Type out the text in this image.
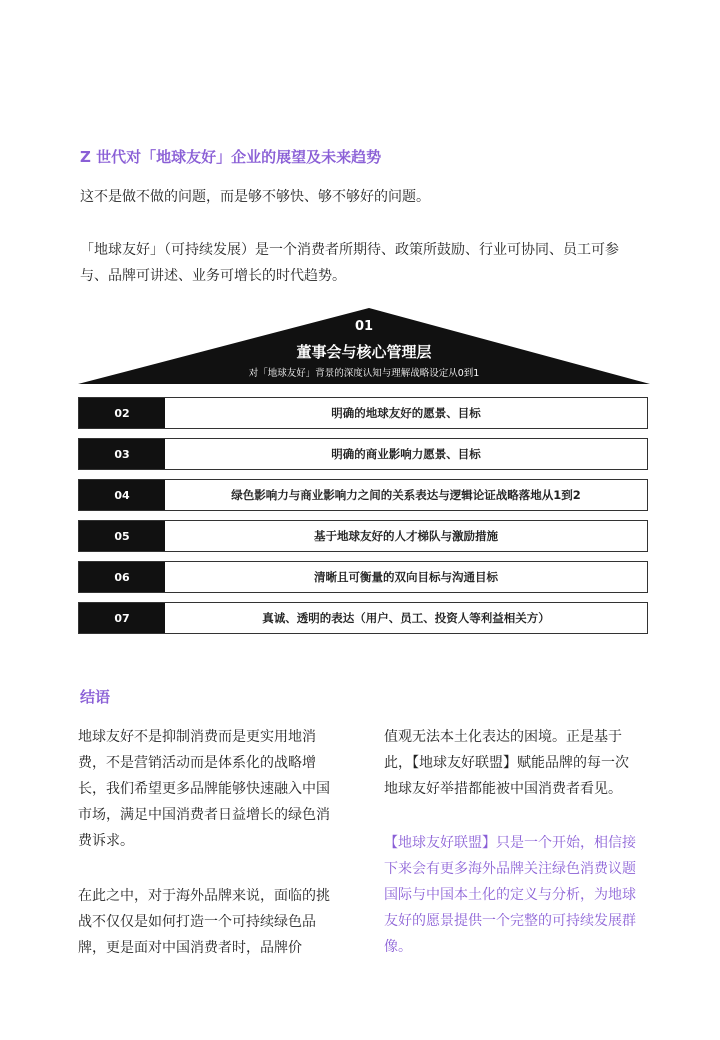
Z 世代对「地球友好」企业的展望及未来趋势

这不是做不做的问题，而是够不够快、够不够好的问题。

「地球友好」（可持续发展）是一个消费者所期待、政策所鼓励、行业可协同、员工可参与、品牌可讲述、业务可增长的时代趋势。

01

董事会与核心管理层

对「地球友好」背景的深度认知与理解战略设定从0到1

02	明确的地球友好的愿景、目标
03	明确的商业影响力愿景、目标
04	绿色影响力与商业影响力之间的关系表达与逻辑论证战略落地从1到2
05	基于地球友好的人才梯队与激励措施
06	清晰且可衡量的双向目标与沟通目标
07	真诚、透明的表达（用户、员工、投资人等利益相关方）
结语

地球友好不是抑制消费而是更实用地消费，不是营销活动而是体系化的战略增长，我们希望更多品牌能够快速融入中国市场，满足中国消费者日益增长的绿色消费诉求。

在此之中，对于海外品牌来说，面临的挑战不仅仅是如何打造一个可持续绿色品牌，更是面对中国消费者时，品牌价

值观无法本土化表达的困境。正是基于此，【地球友好联盟】赋能品牌的每一次地球友好举措都能被中国消费者看见。

【地球友好联盟】只是一个开始，相信接下来会有更多海外品牌关注绿色消费议题国际与中国本土化的定义与分析，为地球友好的愿景提供一个完整的可持续发展群像。
